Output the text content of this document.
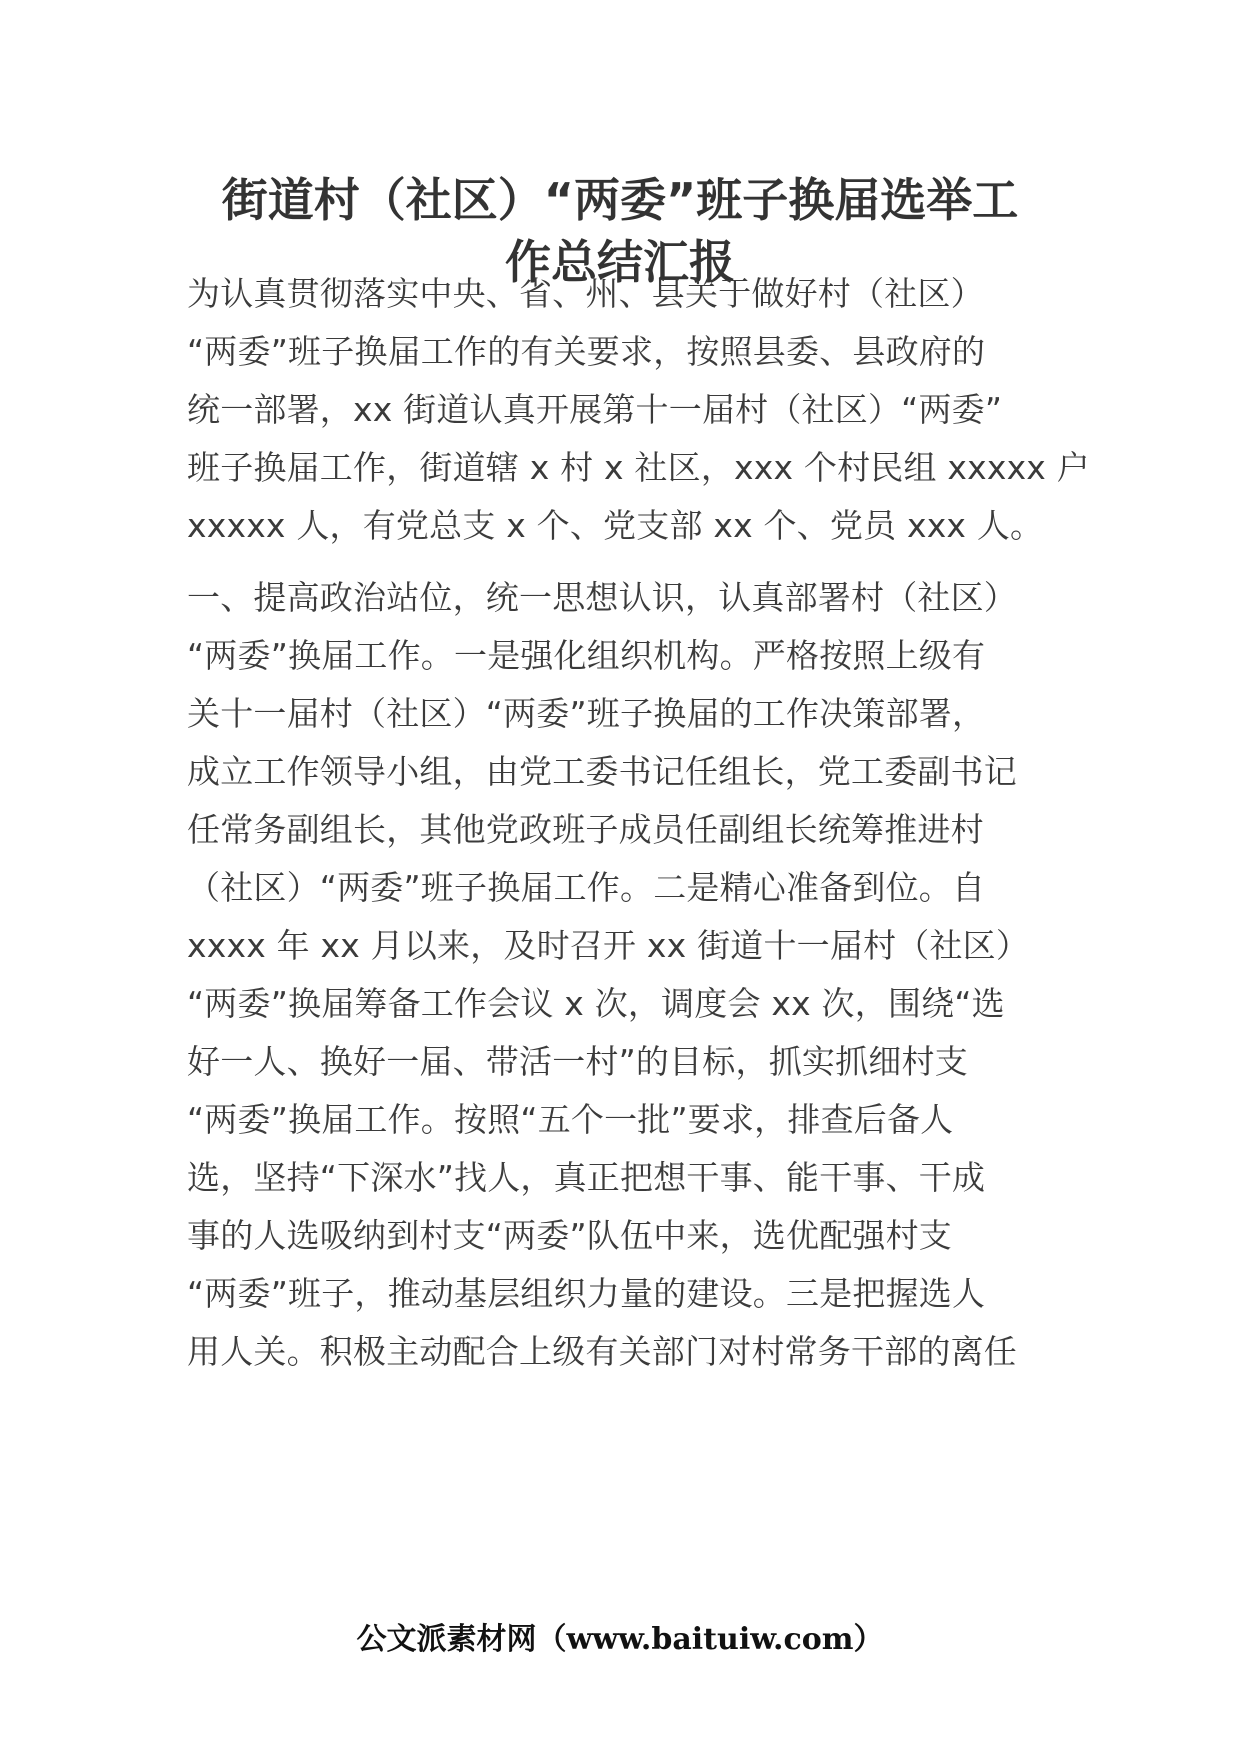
街道村（社区）“两委”班子换届选举工
作总结汇报
为认真贯彻落实中央、省、州、县关于做好村（社区）
“两委”班子换届工作的有关要求，按照县委、县政府的
统一部署，xx 街道认真开展第十一届村（社区）“两委”
班子换届工作，街道辖 x 村 x 社区，xxx 个村民组 xxxxx 户
xxxxx 人，有党总支 x 个、党支部 xx 个、党员 xxx 人。
一、提高政治站位，统一思想认识，认真部署村（社区）
“两委”换届工作。一是强化组织机构。严格按照上级有
关十一届村（社区）“两委”班子换届的工作决策部署，
成立工作领导小组，由党工委书记任组长，党工委副书记
任常务副组长，其他党政班子成员任副组长统筹推进村
（社区）“两委”班子换届工作。二是精心准备到位。自
xxxx 年 xx 月以来，及时召开 xx 街道十一届村（社区）
“两委”换届筹备工作会议 x 次，调度会 xx 次，围绕“选
好一人、换好一届、带活一村”的目标，抓实抓细村支
“两委”换届工作。按照“五个一批”要求，排查后备人
选，坚持“下深水”找人，真正把想干事、能干事、干成
事的人选吸纳到村支“两委”队伍中来，选优配强村支
“两委”班子，推动基层组织力量的建设。三是把握选人
用人关。积极主动配合上级有关部门对村常务干部的离任
公文派素材网（www.baituiw.com）
